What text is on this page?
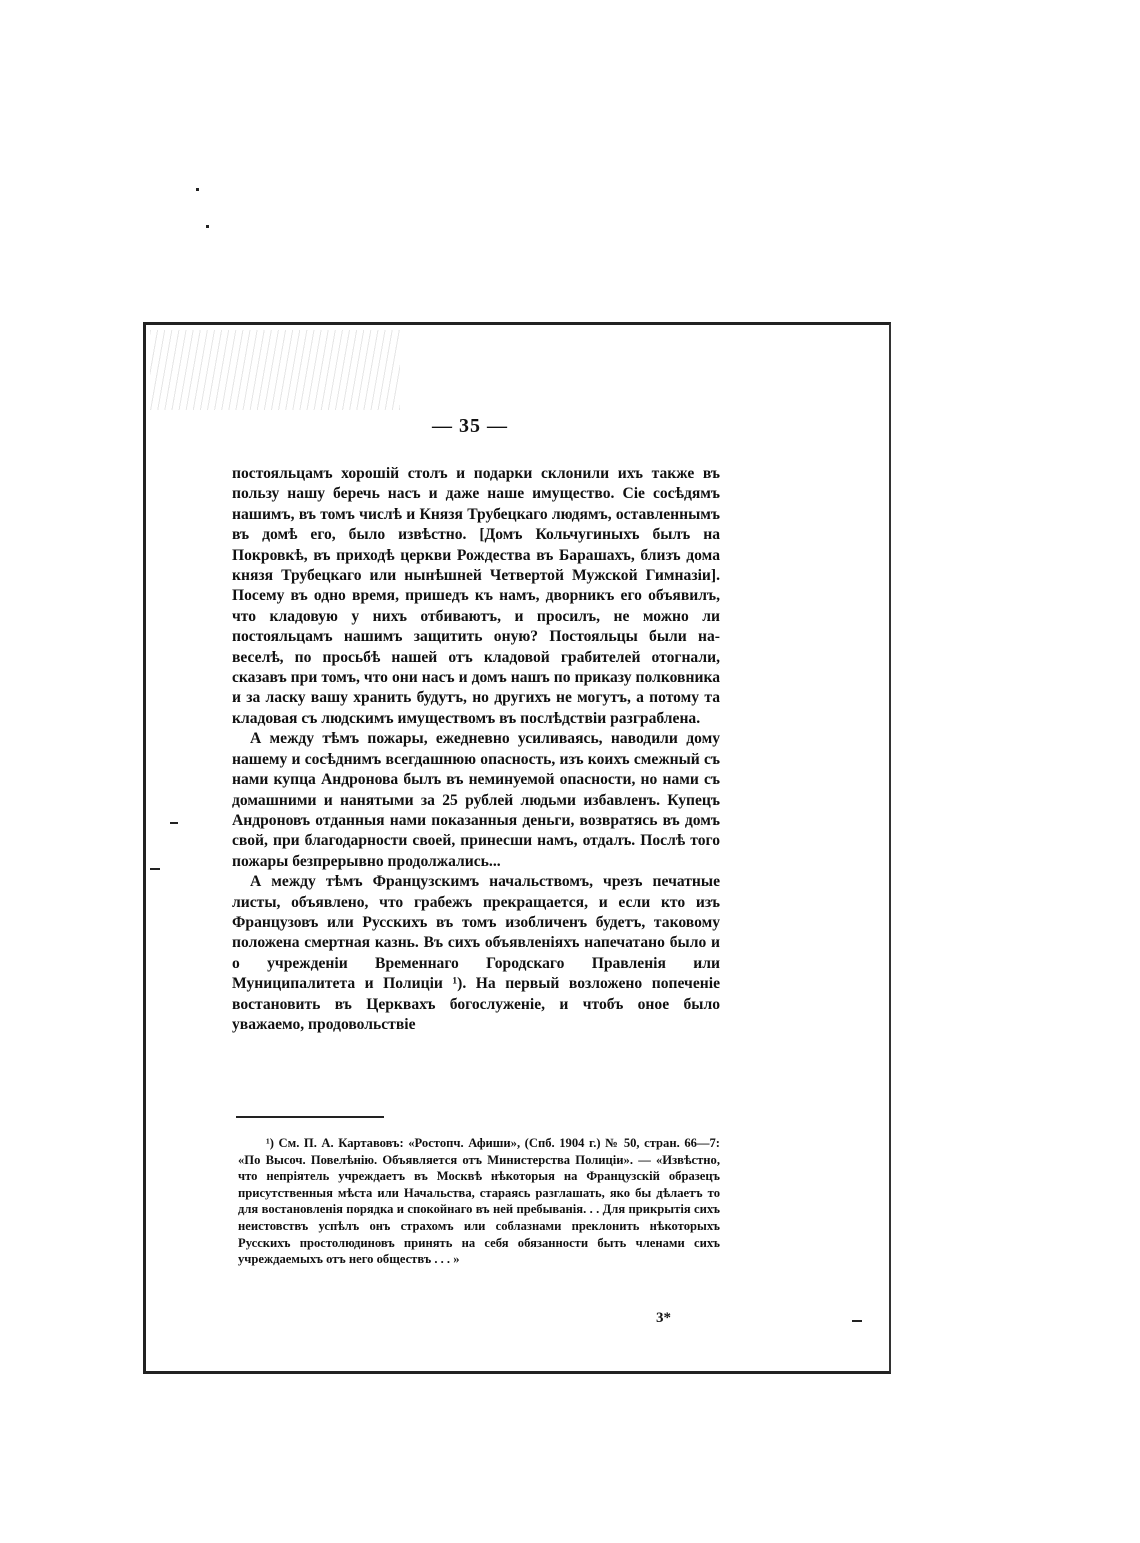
— 35 —

постояльцамъ хорошій столъ и подарки склонили ихъ также въ пользу нашу беречь насъ и даже наше имущество. Сіе сосѣдямъ нашимъ, въ томъ числѣ и Князя Трубецкаго людямъ, оставленнымъ въ домѣ его, было извѣстно. [Домъ Кольчугиныхъ былъ на Покровкѣ, въ приходѣ церкви Рождества въ Барашахъ, близъ дома князя Трубецкаго или нынѣшней Четвертой Мужской Гимназіи]. Посему въ одно время, пришедъ къ намъ, дворникъ его объявилъ, что кладовую у нихъ отбиваютъ, и просилъ, не можно ли постояльцамъ нашимъ защитить оную? Постояльцы были на-веселѣ, по просьбѣ нашей отъ кладовой грабителей отогнали, сказавъ при томъ, что они насъ и домъ нашъ по приказу полковника и за ласку вашу хранить будутъ, но другихъ не могутъ, а потому та кладовая съ людскимъ имуществомъ въ послѣдствіи разграблена.

А между тѣмъ пожары, ежедневно усиливаясь, наводили дому нашему и сосѣднимъ всегдашнюю опасность, изъ коихъ смежный съ нами купца Андронова былъ въ неминуемой опасности, но нами съ домашними и нанятыми за 25 рублей людьми избавленъ. Купецъ Андроновъ отданныя нами показанныя деньги, возвратясь въ домъ свой, при благодарности своей, принесши намъ, отдалъ. Послѣ того пожары безпрерывно продолжались...

А между тѣмъ Французскимъ начальствомъ, чрезъ печатные листы, объявлено, что грабежъ прекращается, и если кто изъ Французовъ или Русскихъ въ томъ изобличенъ будетъ, таковому положена смертная казнь. Въ сихъ объявленіяхъ напечатано было и о учрежденіи Временнаго Городскаго Правленія или Муниципалитета и Полиціи ¹). На первый возложено попеченіе востановить въ Церквахъ богослуженіе, и чтобъ оное было уважаемо, продовольствіе

¹) См. П. А. Картавовъ: «Ростопч. Афиши», (Спб. 1904 г.) № 50, стран. 66—7: «По Высоч. Повелѣнію. Объявляется отъ Министерства Полиціи». — «Извѣстно, что непріятель учреждаетъ въ Москвѣ нѣкоторыя на Французскій образецъ присутственныя мѣста или Начальства, стараясь разглашать, яко бы дѣлаетъ то для востановленія порядка и спокойнаго въ ней пребыванія. . . Для прикрытія сихъ неистовствъ успѣлъ онъ страхомъ или соблазнами преклонить нѣкоторыхъ Русскихъ простолюдиновъ принять на себя обязанности быть членами сихъ учреждаемыхъ отъ него обществъ . . . »

3*
